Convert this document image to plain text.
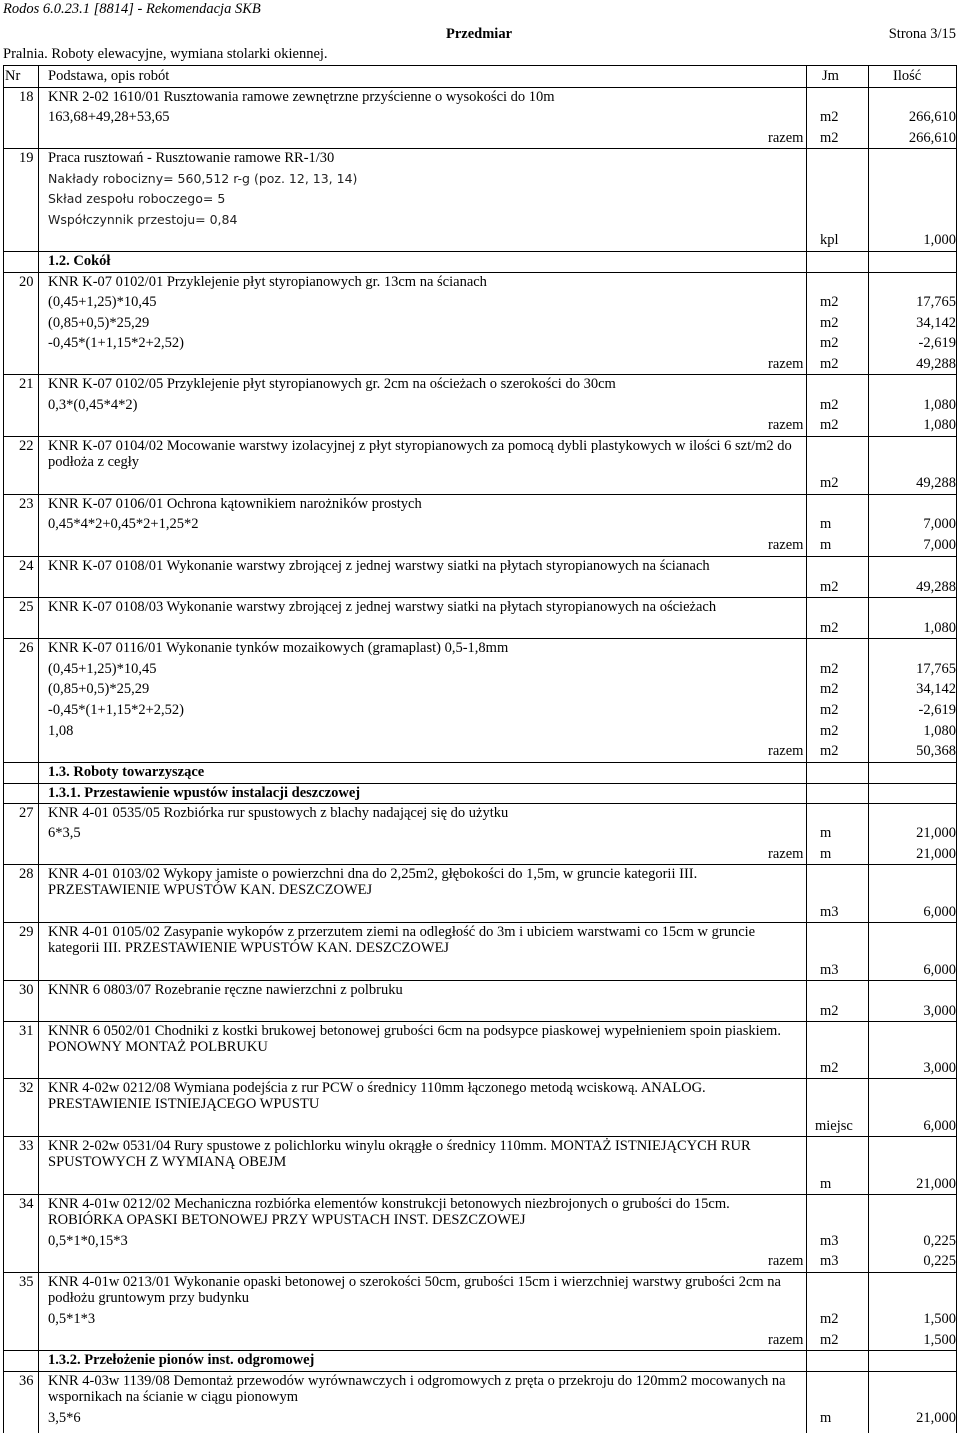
Rodos 6.0.23.1 [8814] - Rekomendacja SKB
Przedmiar	Strona 3/15
Pralnia. Roboty elewacyjne, wymiana stolarki okiennej.
Nr Podstawa, opis robót	Jm	Ilość
18 KNR 2-02 1610/01 Rusztowania ramowe zewnętrzne przyścienne o wysokości do 10m
163,68+49,28+53,65	m2	266,610
razem m2	266,610
19 Praca rusztowań - Rusztowanie ramowe RR-1/30
Nakłady robocizny= 560,512 r-g (poz. 12, 13, 14)
Skład zespołu roboczego= 5
Współczynnik przestoju= 0,84
kpl	1,000
1.2. Cokół
20 KNR K-07 0102/01 Przyklejenie płyt styropianowych gr. 13cm na ścianach
(0,45+1,25)*10,45	m2	17,765
(0,85+0,5)*25,29	m2	34,142
-0,45*(1+1,15*2+2,52)	m2	-2,619
razem m2	49,288
21 KNR K-07 0102/05 Przyklejenie płyt styropianowych gr. 2cm na ościeżach o szerokości do 30cm
0,3*(0,45*4*2)	m2	1,080
razem m2	1,080
22 KNR K-07 0104/02 Mocowanie warstwy izolacyjnej z płyt styropianowych za pomocą dybli plastykowych w ilości 6 szt/m2 do
podłoża z cegły
m2	49,288
23 KNR K-07 0106/01 Ochrona kątownikiem narożników prostych
0,45*4*2+0,45*2+1,25*2	m	7,000
razem m	7,000
24 KNR K-07 0108/01 Wykonanie warstwy zbrojącej z jednej warstwy siatki na płytach styropianowych na ścianach
m2	49,288
25 KNR K-07 0108/03 Wykonanie warstwy zbrojącej z jednej warstwy siatki na płytach styropianowych na ościeżach
m2	1,080
26 KNR K-07 0116/01 Wykonanie tynków mozaikowych (gramaplast) 0,5-1,8mm
(0,45+1,25)*10,45	m2	17,765
(0,85+0,5)*25,29	m2	34,142
-0,45*(1+1,15*2+2,52)	m2	-2,619
1,08	m2	1,080
razem m2	50,368
1.3. Roboty towarzyszące
1.3.1. Przestawienie wpustów instalacji deszczowej
27 KNR 4-01 0535/05 Rozbiórka rur spustowych z blachy nadającej się do użytku
6*3,5	m	21,000
razem m	21,000
28 KNR 4-01 0103/02 Wykopy jamiste o powierzchni dna do 2,25m2, głębokości do 1,5m, w gruncie kategorii III.
PRZESTAWIENIE WPUSTÓW KAN. DESZCZOWEJ
m3	6,000
29 KNR 4-01 0105/02 Zasypanie wykopów z przerzutem ziemi na odległość do 3m i ubiciem warstwami co 15cm w gruncie
kategorii III. PRZESTAWIENIE WPUSTÓW KAN. DESZCZOWEJ
m3	6,000
30 KNNR 6 0803/07 Rozebranie ręczne nawierzchni z polbruku
m2	3,000
31 KNNR 6 0502/01 Chodniki z kostki brukowej betonowej grubości 6cm na podsypce piaskowej wypełnieniem spoin piaskiem.
PONOWNY MONTAŻ POLBRUKU
m2	3,000
32 KNR 4-02w 0212/08 Wymiana podejścia z rur PCW o średnicy 110mm łączonego metodą wciskową. ANALOG.
PRESTAWIENIE ISTNIEJĄCEGO WPUSTU
miejsc	6,000
33 KNR 2-02w 0531/04 Rury spustowe z polichlorku winylu okrągłe o średnicy 110mm. MONTAŻ ISTNIEJĄCYCH RUR
SPUSTOWYCH Z WYMIANĄ OBEJM
m	21,000
34 KNR 4-01w 0212/02 Mechaniczna rozbiórka elementów konstrukcji betonowych niezbrojonych o grubości do 15cm.
ROBIÓRKA OPASKI BETONOWEJ PRZY WPUSTACH INST. DESZCZOWEJ
0,5*1*0,15*3	m3	0,225
razem m3	0,225
35 KNR 4-01w 0213/01 Wykonanie opaski betonowej o szerokości 50cm, grubości 15cm i wierzchniej warstwy grubości 2cm na
podłożu gruntowym przy budynku
0,5*1*3	m2	1,500
razem m2	1,500
1.3.2. Przełożenie pionów inst. odgromowej
36 KNR 4-03w 1139/08 Demontaż przewodów wyrównawczych i odgromowych z pręta o przekroju do 120mm2 mocowanych na
wspornikach na ścianie w ciągu pionowym
3,5*6	m	21,000
